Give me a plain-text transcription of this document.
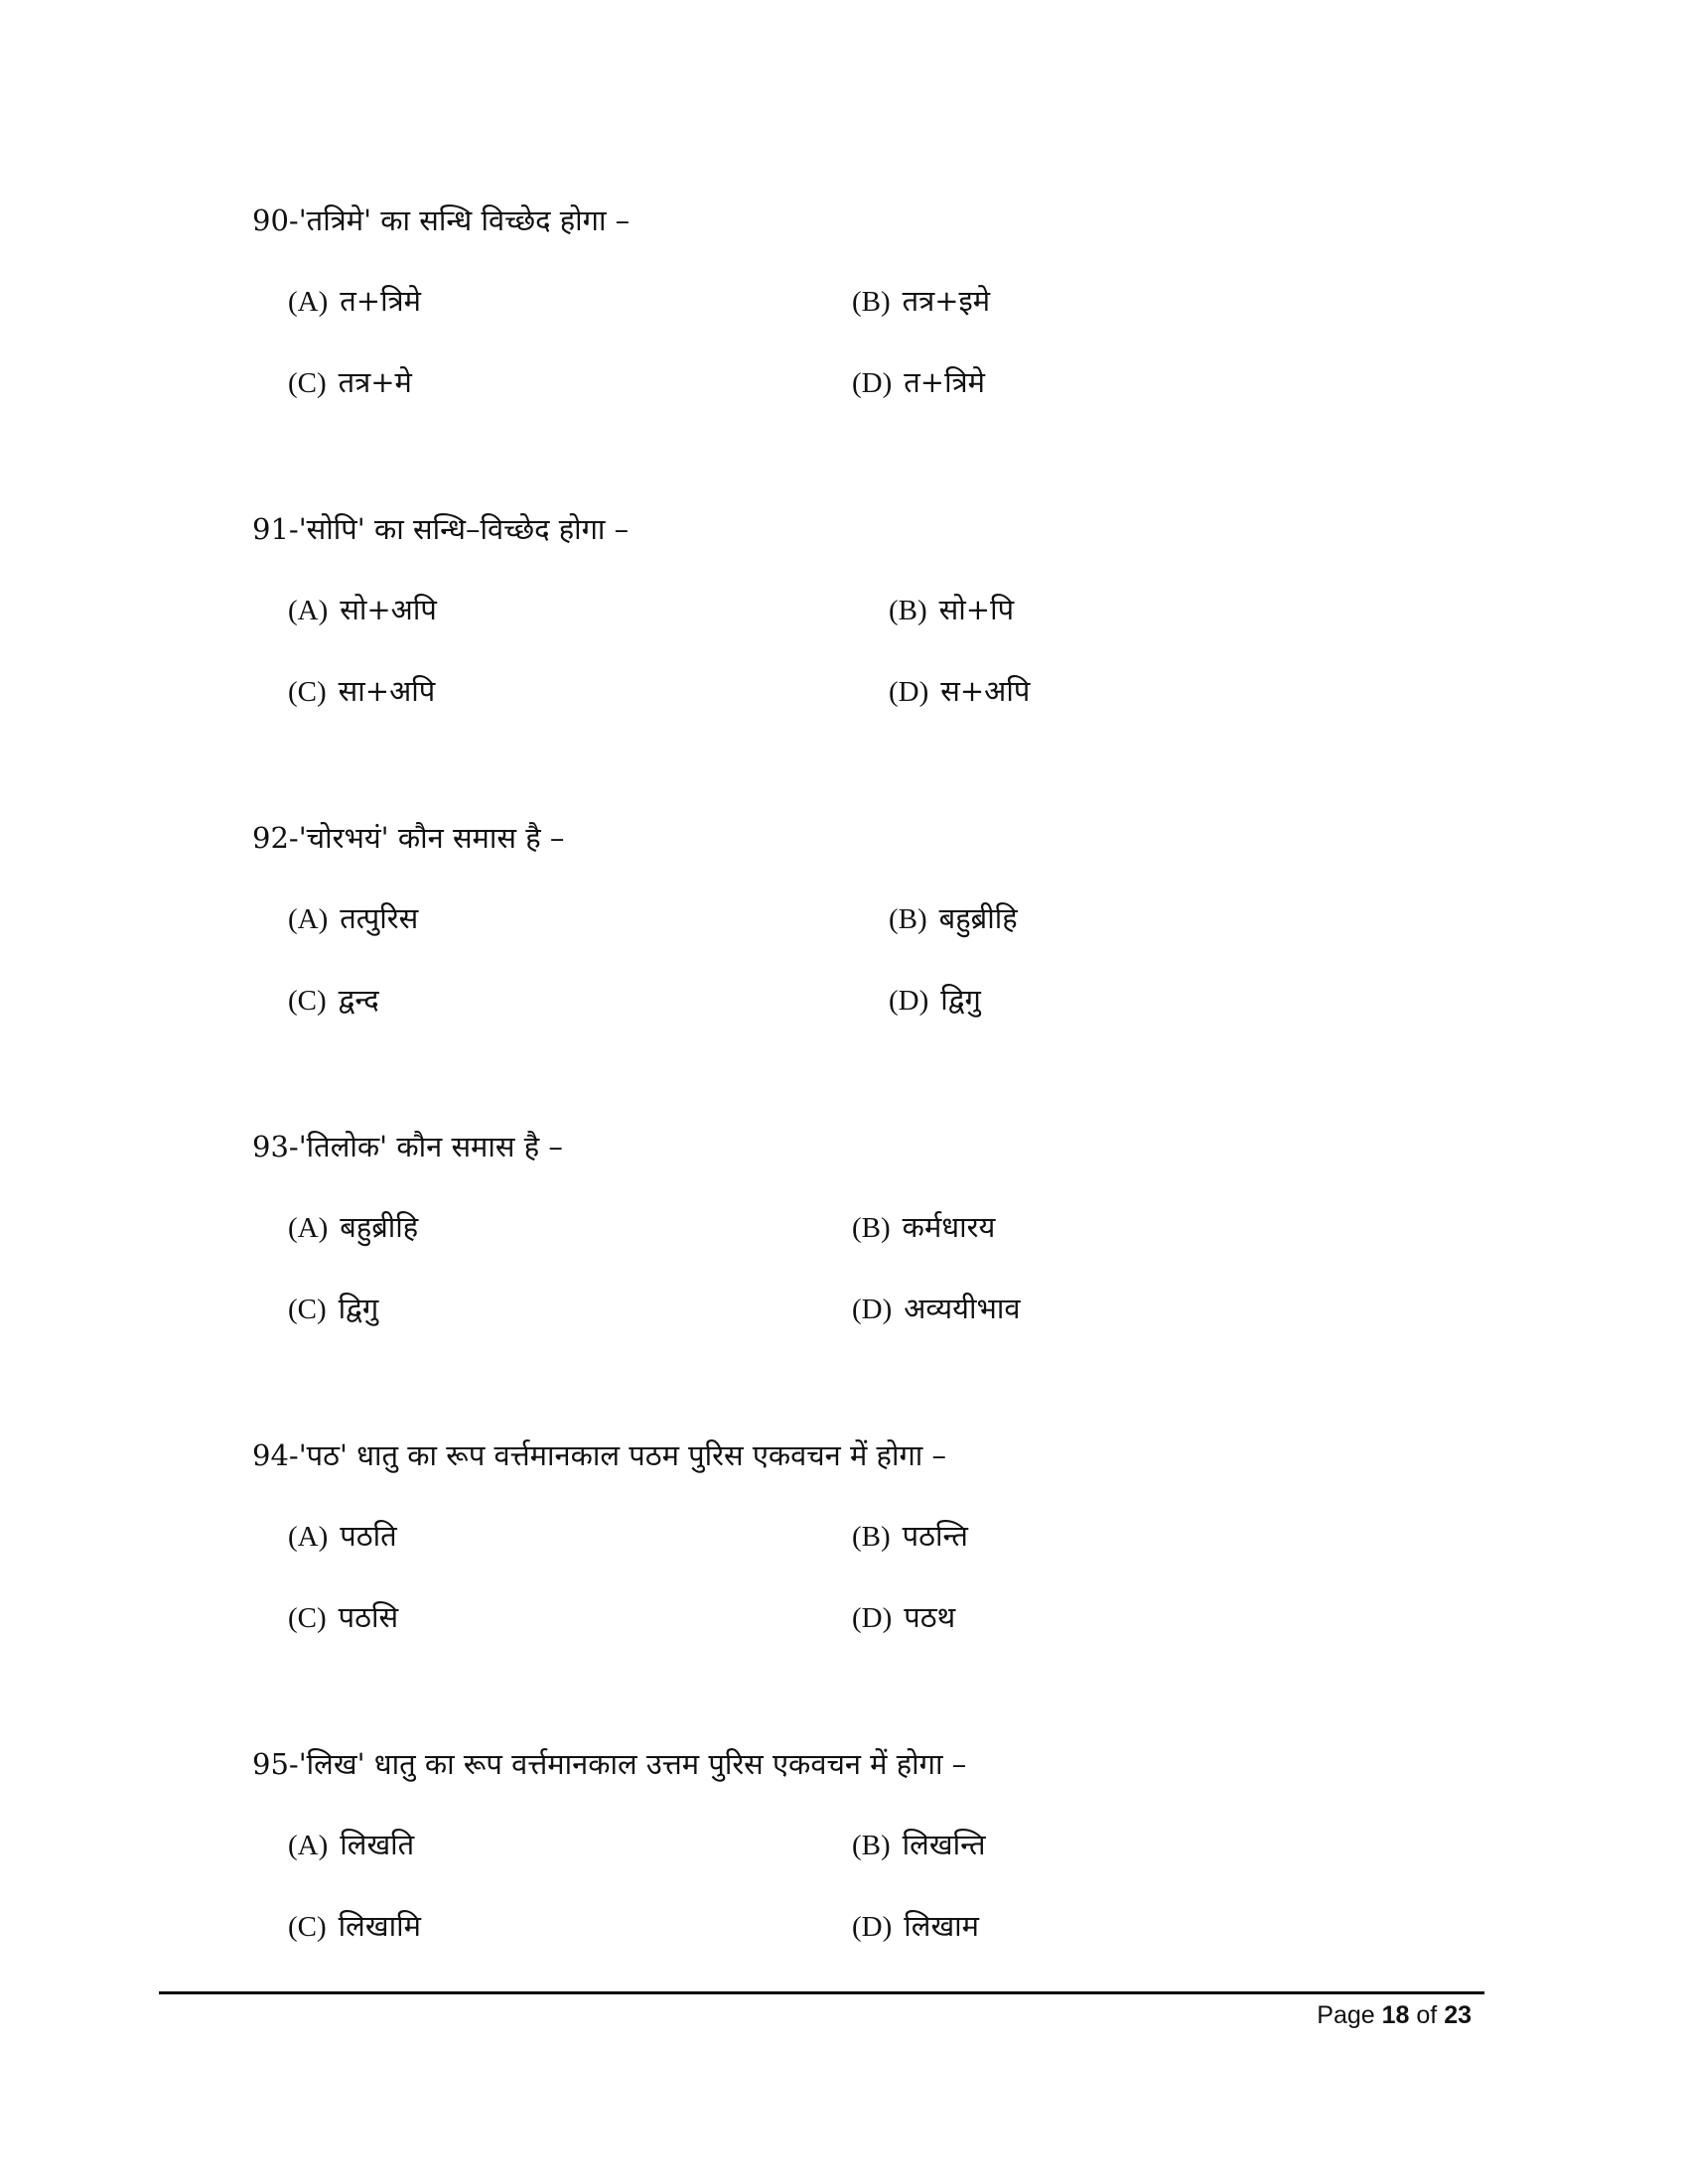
90-'तत्रिमे' का सन्धि विच्छेद होगा –
(A) त+त्रिमे	(B) तत्र+इमे
(C) तत्र+मे	(D) त+त्रिमे
91-'सोपि' का सन्धि–विच्छेद होगा –
(A) सो+अपि	(B) सो+पि
(C) सा+अपि	(D) स+अपि
92-'चोरभयं' कौन समास है –
(A) तत्पुरिस	(B) बहुब्रीहि
(C) द्वन्द	(D) द्विगु
93-'तिलोक' कौन समास है –
(A) बहुब्रीहि	(B) कर्मधारय
(C) द्विगु	(D) अव्ययीभाव
94-'पठ' धातु का रूप वर्त्तमानकाल पठम पुरिस एकवचन में होगा –
(A) पठति	(B) पठन्ति
(C) पठसि	(D) पठथ
95-'लिख' धातु का रूप वर्त्तमानकाल उत्तम पुरिस एकवचन में होगा –
(A) लिखति	(B) लिखन्ति
(C) लिखामि	(D) लिखाम
Page 18 of 23
